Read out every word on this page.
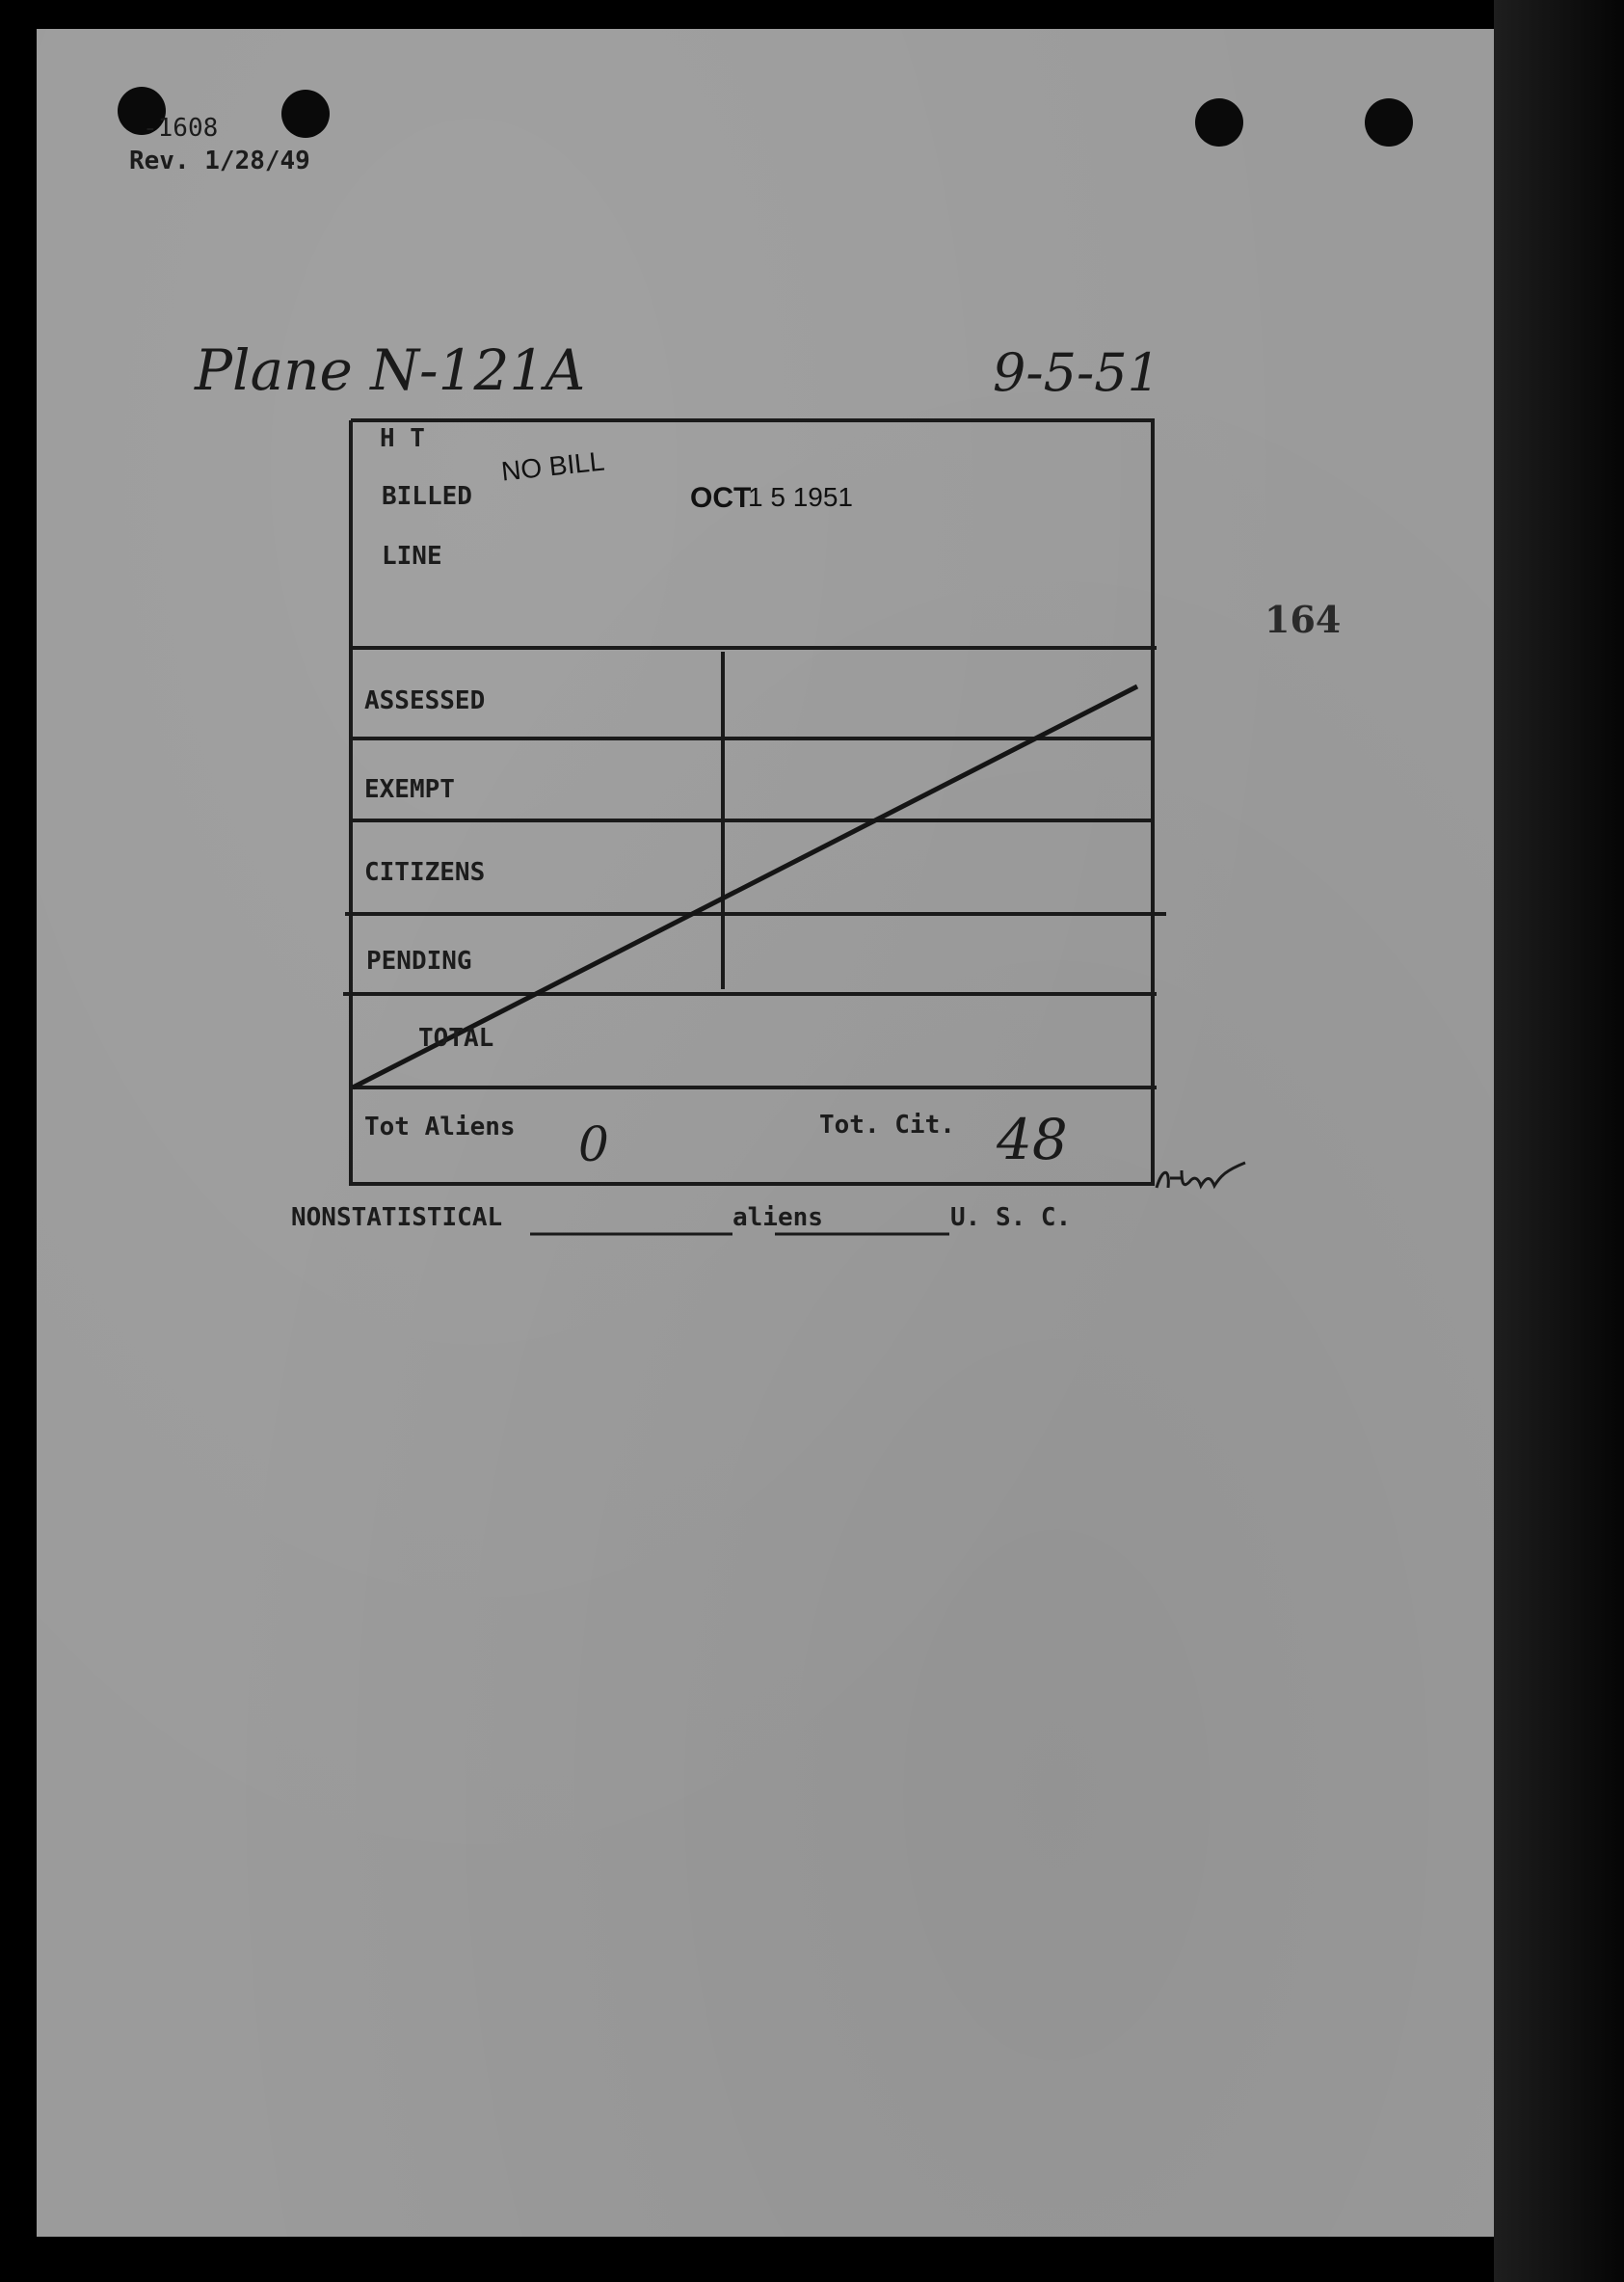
-1608
Rev. 1/28/49
Plane N-121A	9-5-51
164
H T
BILLED
LINE
NO BILL
OCT
1 5 1951
ASSESSED
EXEMPT
CITIZENS
PENDING
TOTAL
Tot Aliens 0	Tot. Cit. 48
NONSTATISTICAL	aliens	U. S. C.
